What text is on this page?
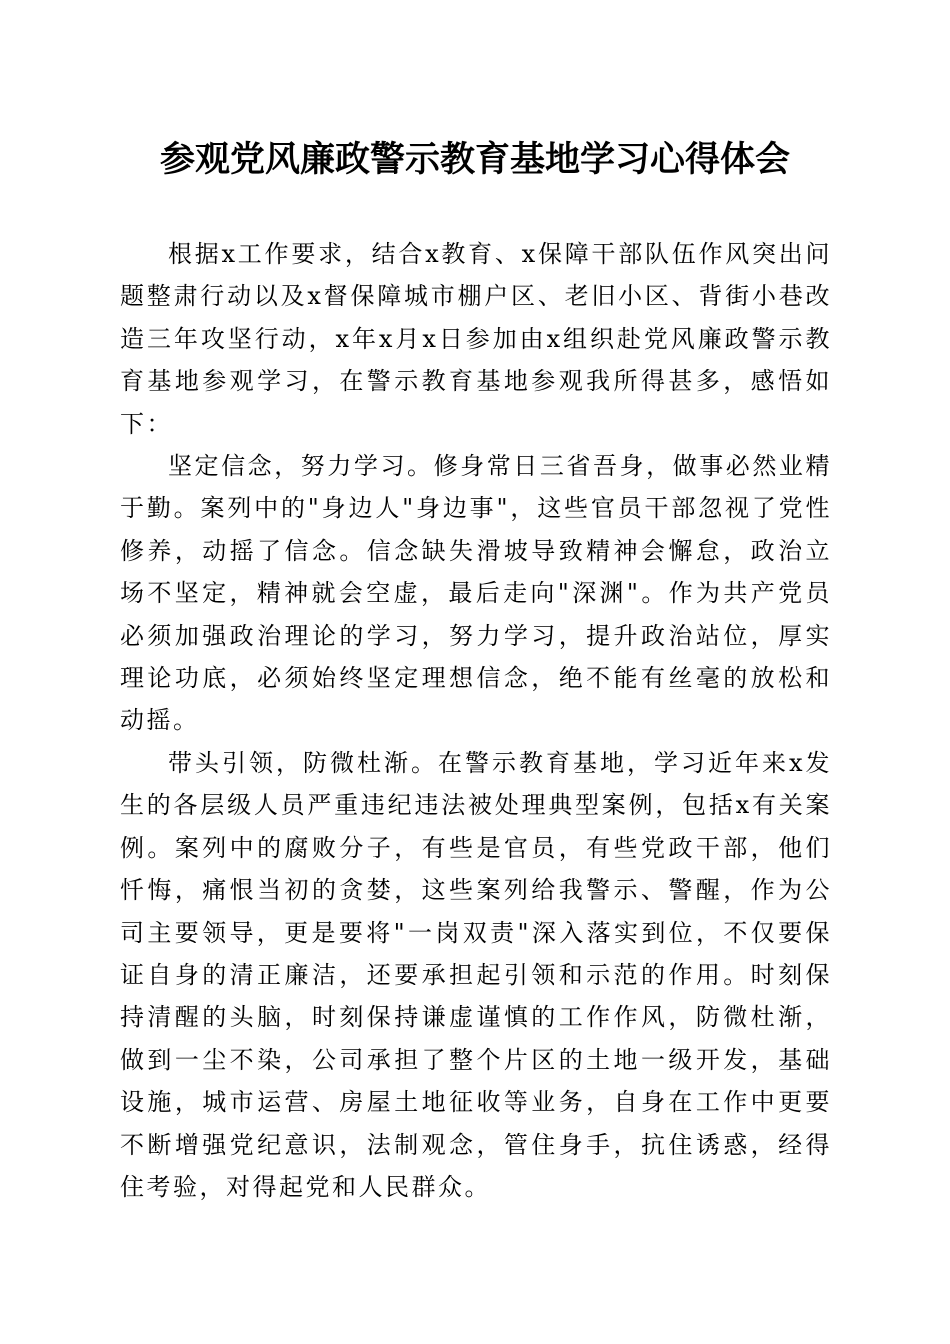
参观党风廉政警示教育基地学习心得体会

根据x工作要求，结合x教育、x保障干部队伍作风突出问题整肃行动以及x督保障城市棚户区、老旧小区、背街小巷改造三年攻坚行动，x年x月x日参加由x组织赴党风廉政警示教育基地参观学习，在警示教育基地参观我所得甚多，感悟如下：

坚定信念，努力学习。修身常日三省吾身，做事必然业精于勤。案列中的"身边人"身边事"，这些官员干部忽视了党性修养，动摇了信念。信念缺失滑坡导致精神会懈怠，政治立场不坚定，精神就会空虚，最后走向"深渊"。作为共产党员必须加强政治理论的学习，努力学习，提升政治站位，厚实理论功底，必须始终坚定理想信念，绝不能有丝毫的放松和动摇。

带头引领，防微杜渐。在警示教育基地，学习近年来x发生的各层级人员严重违纪违法被处理典型案例，包括x有关案例。案列中的腐败分子，有些是官员，有些党政干部，他们忏悔，痛恨当初的贪婪，这些案列给我警示、警醒，作为公司主要领导，更是要将"一岗双责"深入落实到位，不仅要保证自身的清正廉洁，还要承担起引领和示范的作用。时刻保持清醒的头脑，时刻保持谦虚谨慎的工作作风，防微杜渐，做到一尘不染，公司承担了整个片区的土地一级开发，基础设施，城市运营、房屋土地征收等业务，自身在工作中更要不断增强党纪意识，法制观念，管住身手，抗住诱惑，经得住考验，对得起党和人民群众。
